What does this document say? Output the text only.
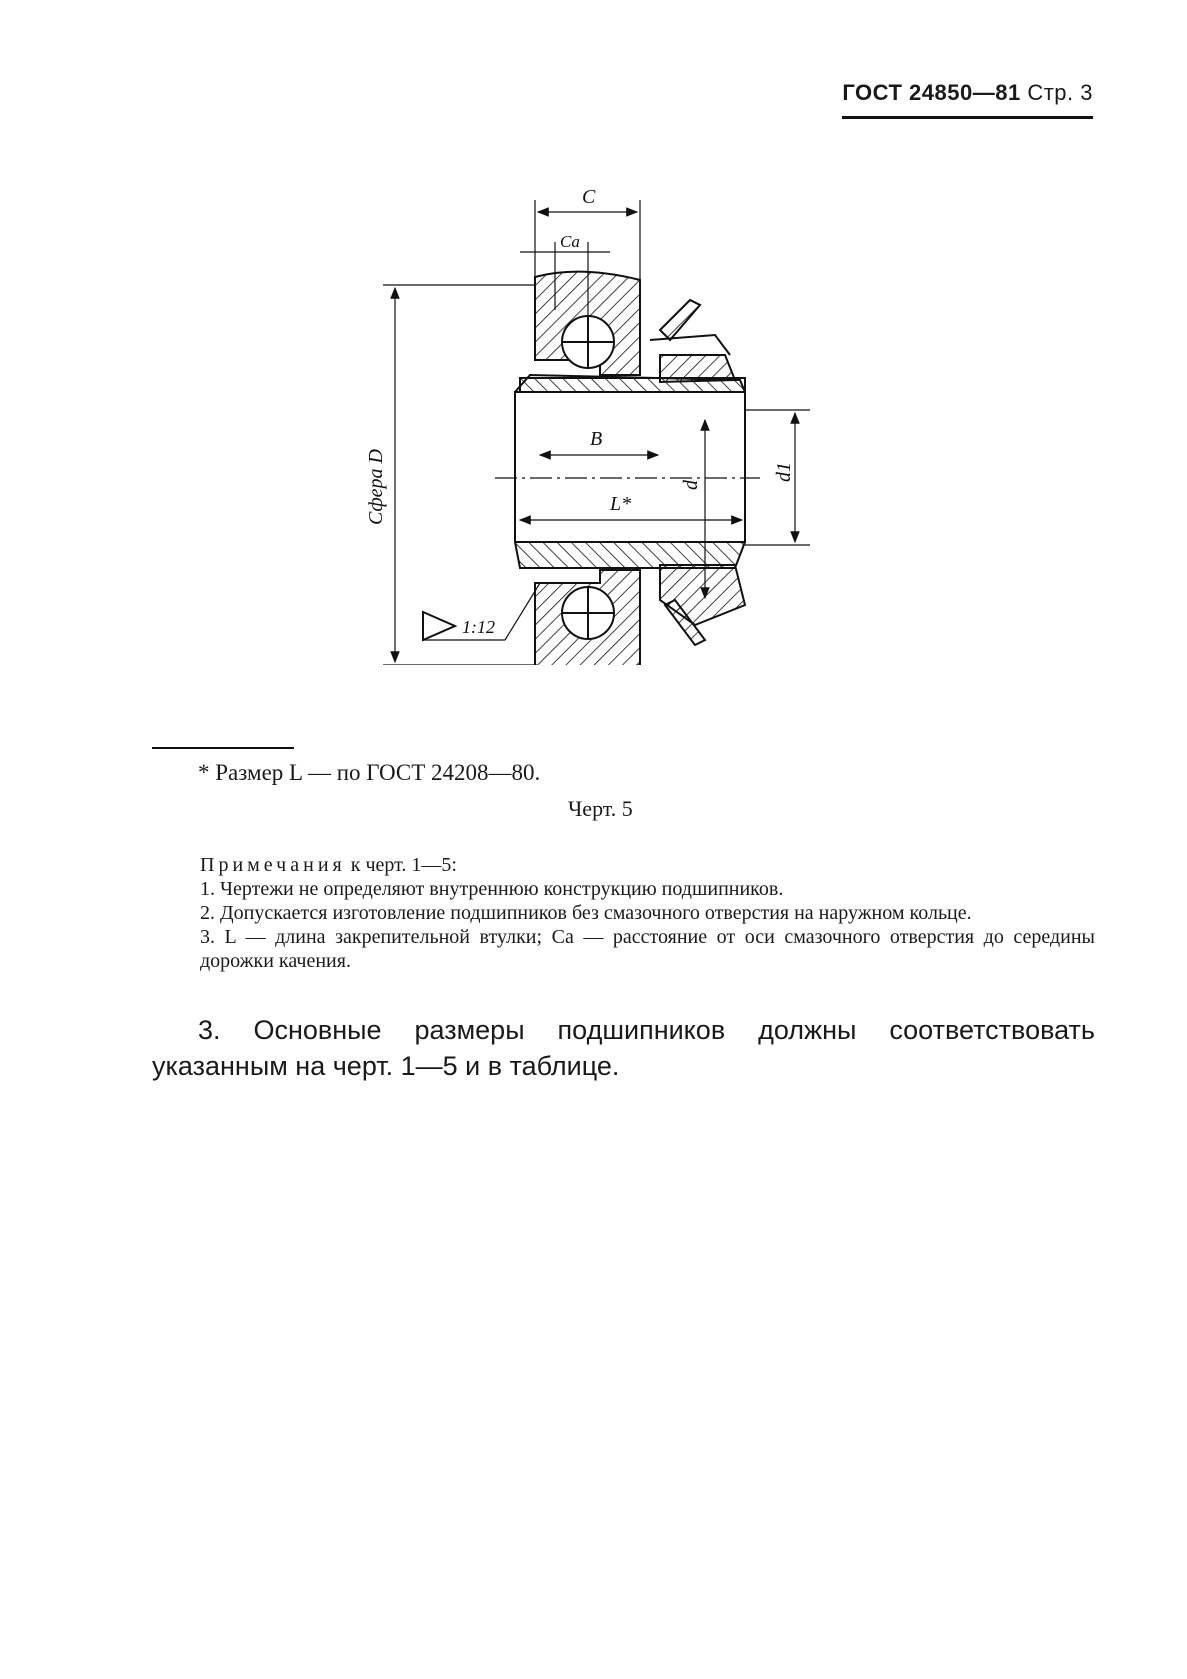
ГОСТ 24850—81 Стр. 3
C
Ca
Сфера D
B
L*
d
d1
1:12
* Размер L — по ГОСТ 24208—80.
Черт. 5

Примечания к черт. 1—5:

1. Чертежи не определяют внутреннюю конструкцию подшипников.

2. Допускается изготовление подшипников без смазочного отверстия на наружном кольце.

3. L — длина закрепительной втулки; Ca — расстояние от оси смазочного отверстия до середины дорожки качения.

3. Основные размеры подшипников должны соответствовать

указанным на черт. 1—5 и в таблице.
